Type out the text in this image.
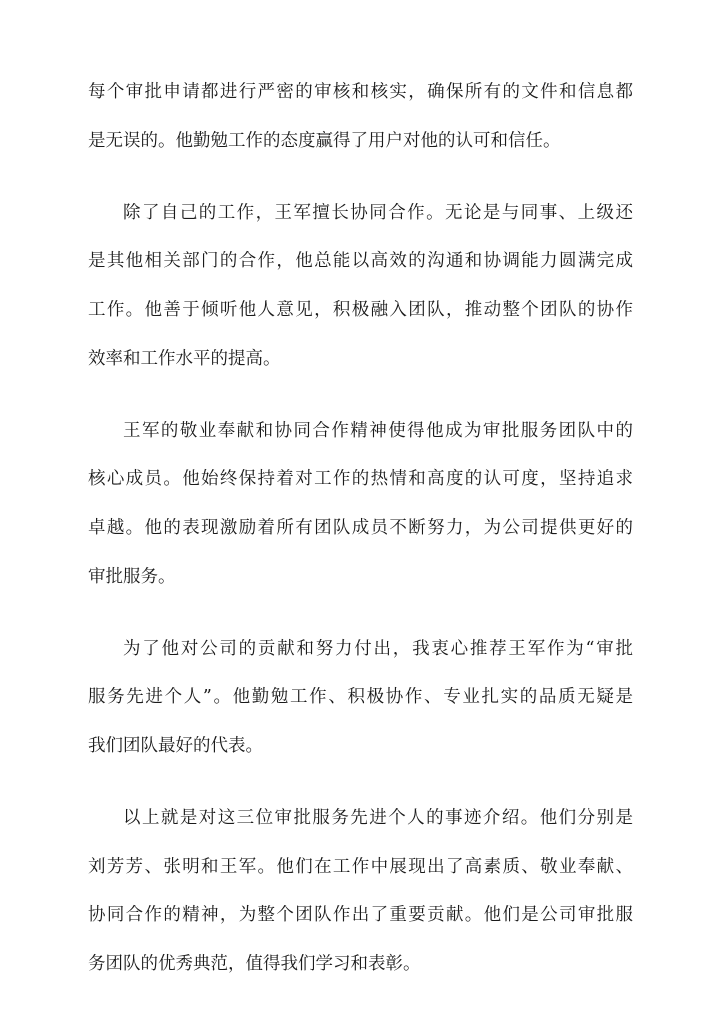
每个审批申请都进行严密的审核和核实，确保所有的文件和信息都
是无误的。他勤勉工作的态度赢得了用户对他的认可和信任。
除了自己的工作，王军擅长协同合作。无论是与同事、上级还
是其他相关部门的合作，他总能以高效的沟通和协调能力圆满完成
工作。他善于倾听他人意见，积极融入团队，推动整个团队的协作
效率和工作水平的提高。
王军的敬业奉献和协同合作精神使得他成为审批服务团队中的
核心成员。他始终保持着对工作的热情和高度的认可度，坚持追求
卓越。他的表现激励着所有团队成员不断努力，为公司提供更好的
审批服务。
为了他对公司的贡献和努力付出，我衷心推荐王军作为“审批
服务先进个人”。他勤勉工作、积极协作、专业扎实的品质无疑是
我们团队最好的代表。
以上就是对这三位审批服务先进个人的事迹介绍。他们分别是
刘芳芳、张明和王军。他们在工作中展现出了高素质、敬业奉献、
协同合作的精神，为整个团队作出了重要贡献。他们是公司审批服
务团队的优秀典范，值得我们学习和表彰。
